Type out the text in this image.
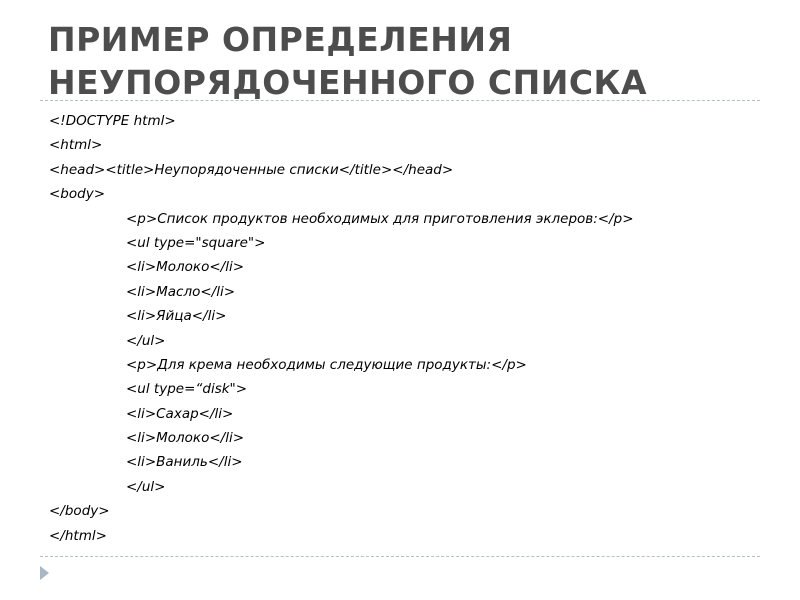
ПРИМЕР ОПРЕДЕЛЕНИЯ
НЕУПОРЯДОЧЕННОГО СПИСКА
<!DOCTYPE html>
<html>
<head><title>Неупорядоченные списки</title></head>
<body>
<p>Список продуктов необходимых для приготовления эклеров:</p>
<ul type="square">
<li>Молоко</li>
<li>Масло</li>
<li>Яйца</li>
</ul>
<p>Для крема необходимы следующие продукты:</p>
<ul type=“disk">
<li>Сахар</li>
<li>Молоко</li>
<li>Ваниль</li>
</ul>
</body>
</html>
